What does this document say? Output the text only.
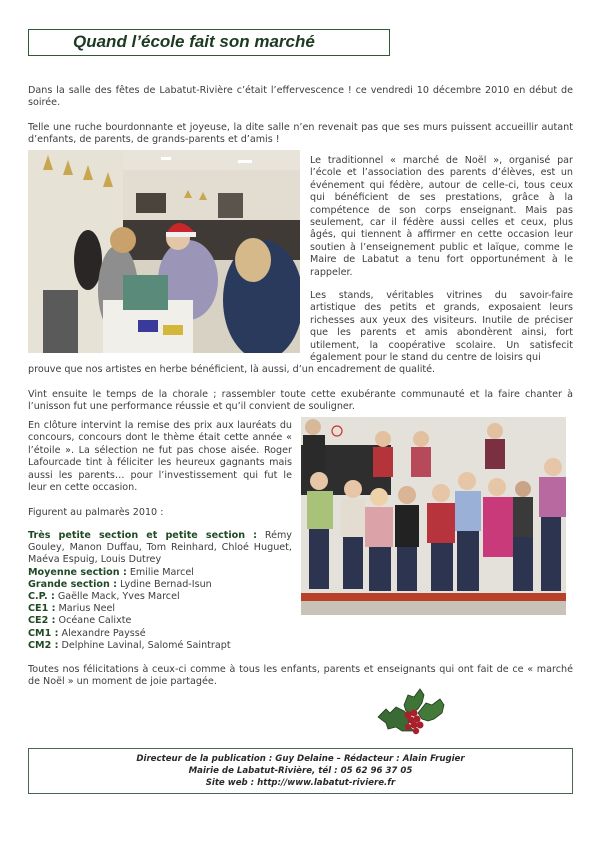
Quand l’école fait son marché

Dans la salle des fêtes de Labatut-Rivière c’était l’effervescence ! ce vendredi 10 décembre 2010 en début de soirée.

Telle une ruche bourdonnante et joyeuse, la dite salle n’en revenait pas que ses murs puissent accueillir autant d’enfants, de parents, de grands-parents et d’amis !

Le traditionnel « marché de Noël », organisé par l’école et l’association des parents d’élèves, est un événement qui fédère, autour de celle-ci, tous ceux qui bénéficient de ses prestations, grâce à la compétence de son corps enseignant. Mais pas seulement, car il fédère aussi celles et ceux, plus âgés, qui tiennent à affirmer en cette occasion leur soutien à l’enseignement public et laïque, comme le Maire de Labatut a tenu fort opportunément à le rappeler.

Les stands, véritables vitrines du savoir-faire artistique des petits et grands, exposaient leurs richesses aux yeux des visiteurs. Inutile de préciser que les parents et amis abondèrent ainsi, fort utilement, la coopérative scolaire. Un satisfecit également pour le stand du centre de loisirs qui

prouve que nos artistes en herbe bénéficient, là aussi, d’un encadrement de qualité.

Vint ensuite le temps de la chorale ; rassembler toute cette exubérante communauté et la faire chanter à l’unisson fut une performance réussie et qu’il convient de souligner.

En clôture intervint la remise des prix aux lauréats du concours, concours dont le thème était cette année « l’étoile ». La sélection ne fut pas chose aisée. Roger Lafourcade tint à féliciter les heureux gagnants mais aussi les parents… pour l’investissement qui fut le leur en cette occasion.

Figurent au palmarès 2010 :

Très petite section et petite section : Rémy Gouley, Manon Duffau, Tom Reinhard, Chloé Huguet, Maéva Espuig, Louis Dutrey
Moyenne section : Emilie Marcel
Grande section : Lydine Bernad-Isun
C.P. : Gaëlle Mack, Yves Marcel
CE1 : Marius Neel
CE2 : Océane Calixte
CM1 : Alexandre Payssé
CM2 : Delphine Lavinal, Salomé Saintrapt

Toutes nos félicitations à ceux-ci comme à tous les enfants, parents et enseignants qui ont fait de ce « marché de Noël » un moment de joie partagée.

Directeur de la publication : Guy Delaine – Rédacteur : Alain Frugier
Mairie de Labatut-Rivière, tél : 05 62 96 37 05
Site web : http://www.labatut-riviere.fr
